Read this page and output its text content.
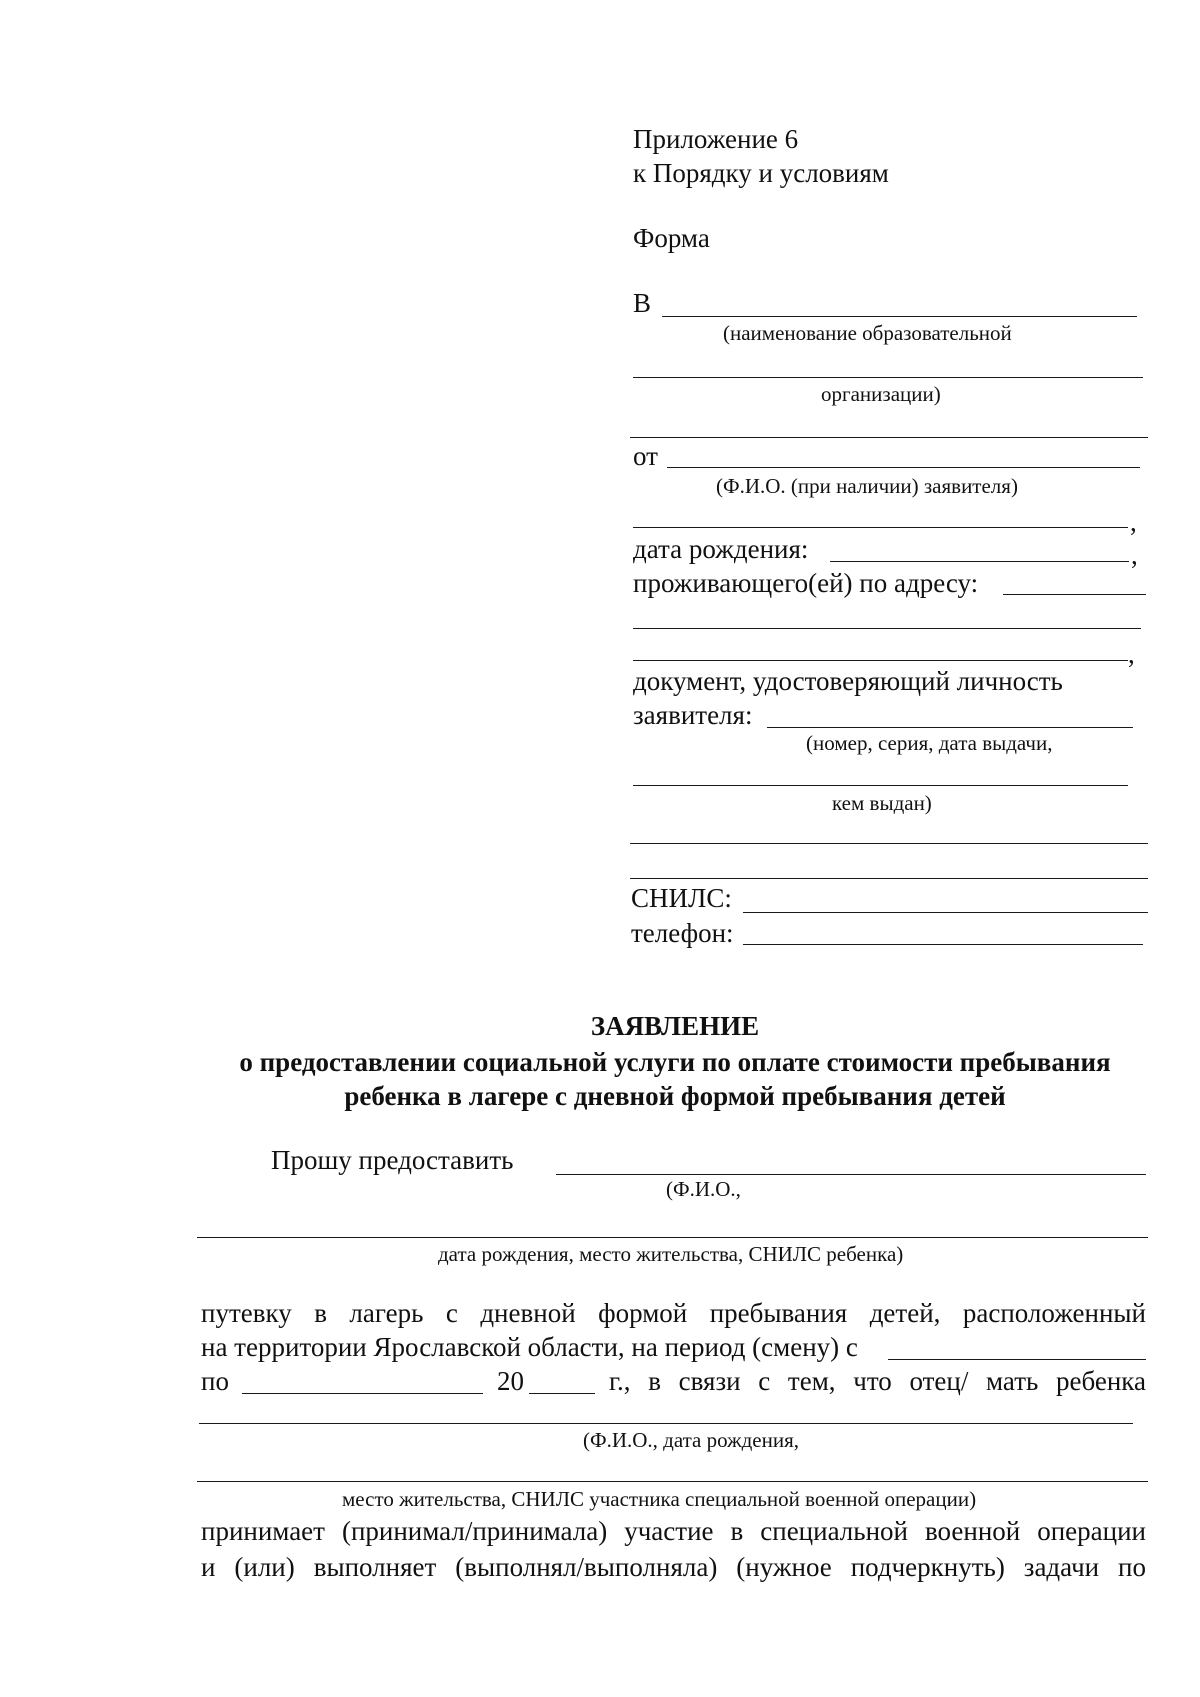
Приложение 6
к Порядку и условиям
Форма
В
(наименование образовательной
организации)
от
(Ф.И.О. (при наличии) заявителя)
,
дата рождения:	,
проживающего(ей) по адресу:
,
документ, удостоверяющий личность
заявителя:
(номер, серия, дата выдачи,
кем выдан)
СНИЛС:
телефон:
ЗАЯВЛЕНИЕ
о предоставлении социальной услуги по оплате стоимости пребывания
ребенка в лагере с дневной формой пребывания детей
Прошу предоставить
(Ф.И.О.,
дата рождения, место жительства, СНИЛС ребенка)
путевку в лагерь с дневной формой пребывания детей, расположенный
на территории Ярославской области, на период (смену) с
по	20	г., в связи с тем, что отец/ мать ребенка
(Ф.И.О., дата рождения,
место жительства, СНИЛС участника специальной военной операции)
принимает (принимал/принимала) участие в специальной военной операции
и (или) выполняет (выполнял/выполняла) (нужное подчеркнуть) задачи по
